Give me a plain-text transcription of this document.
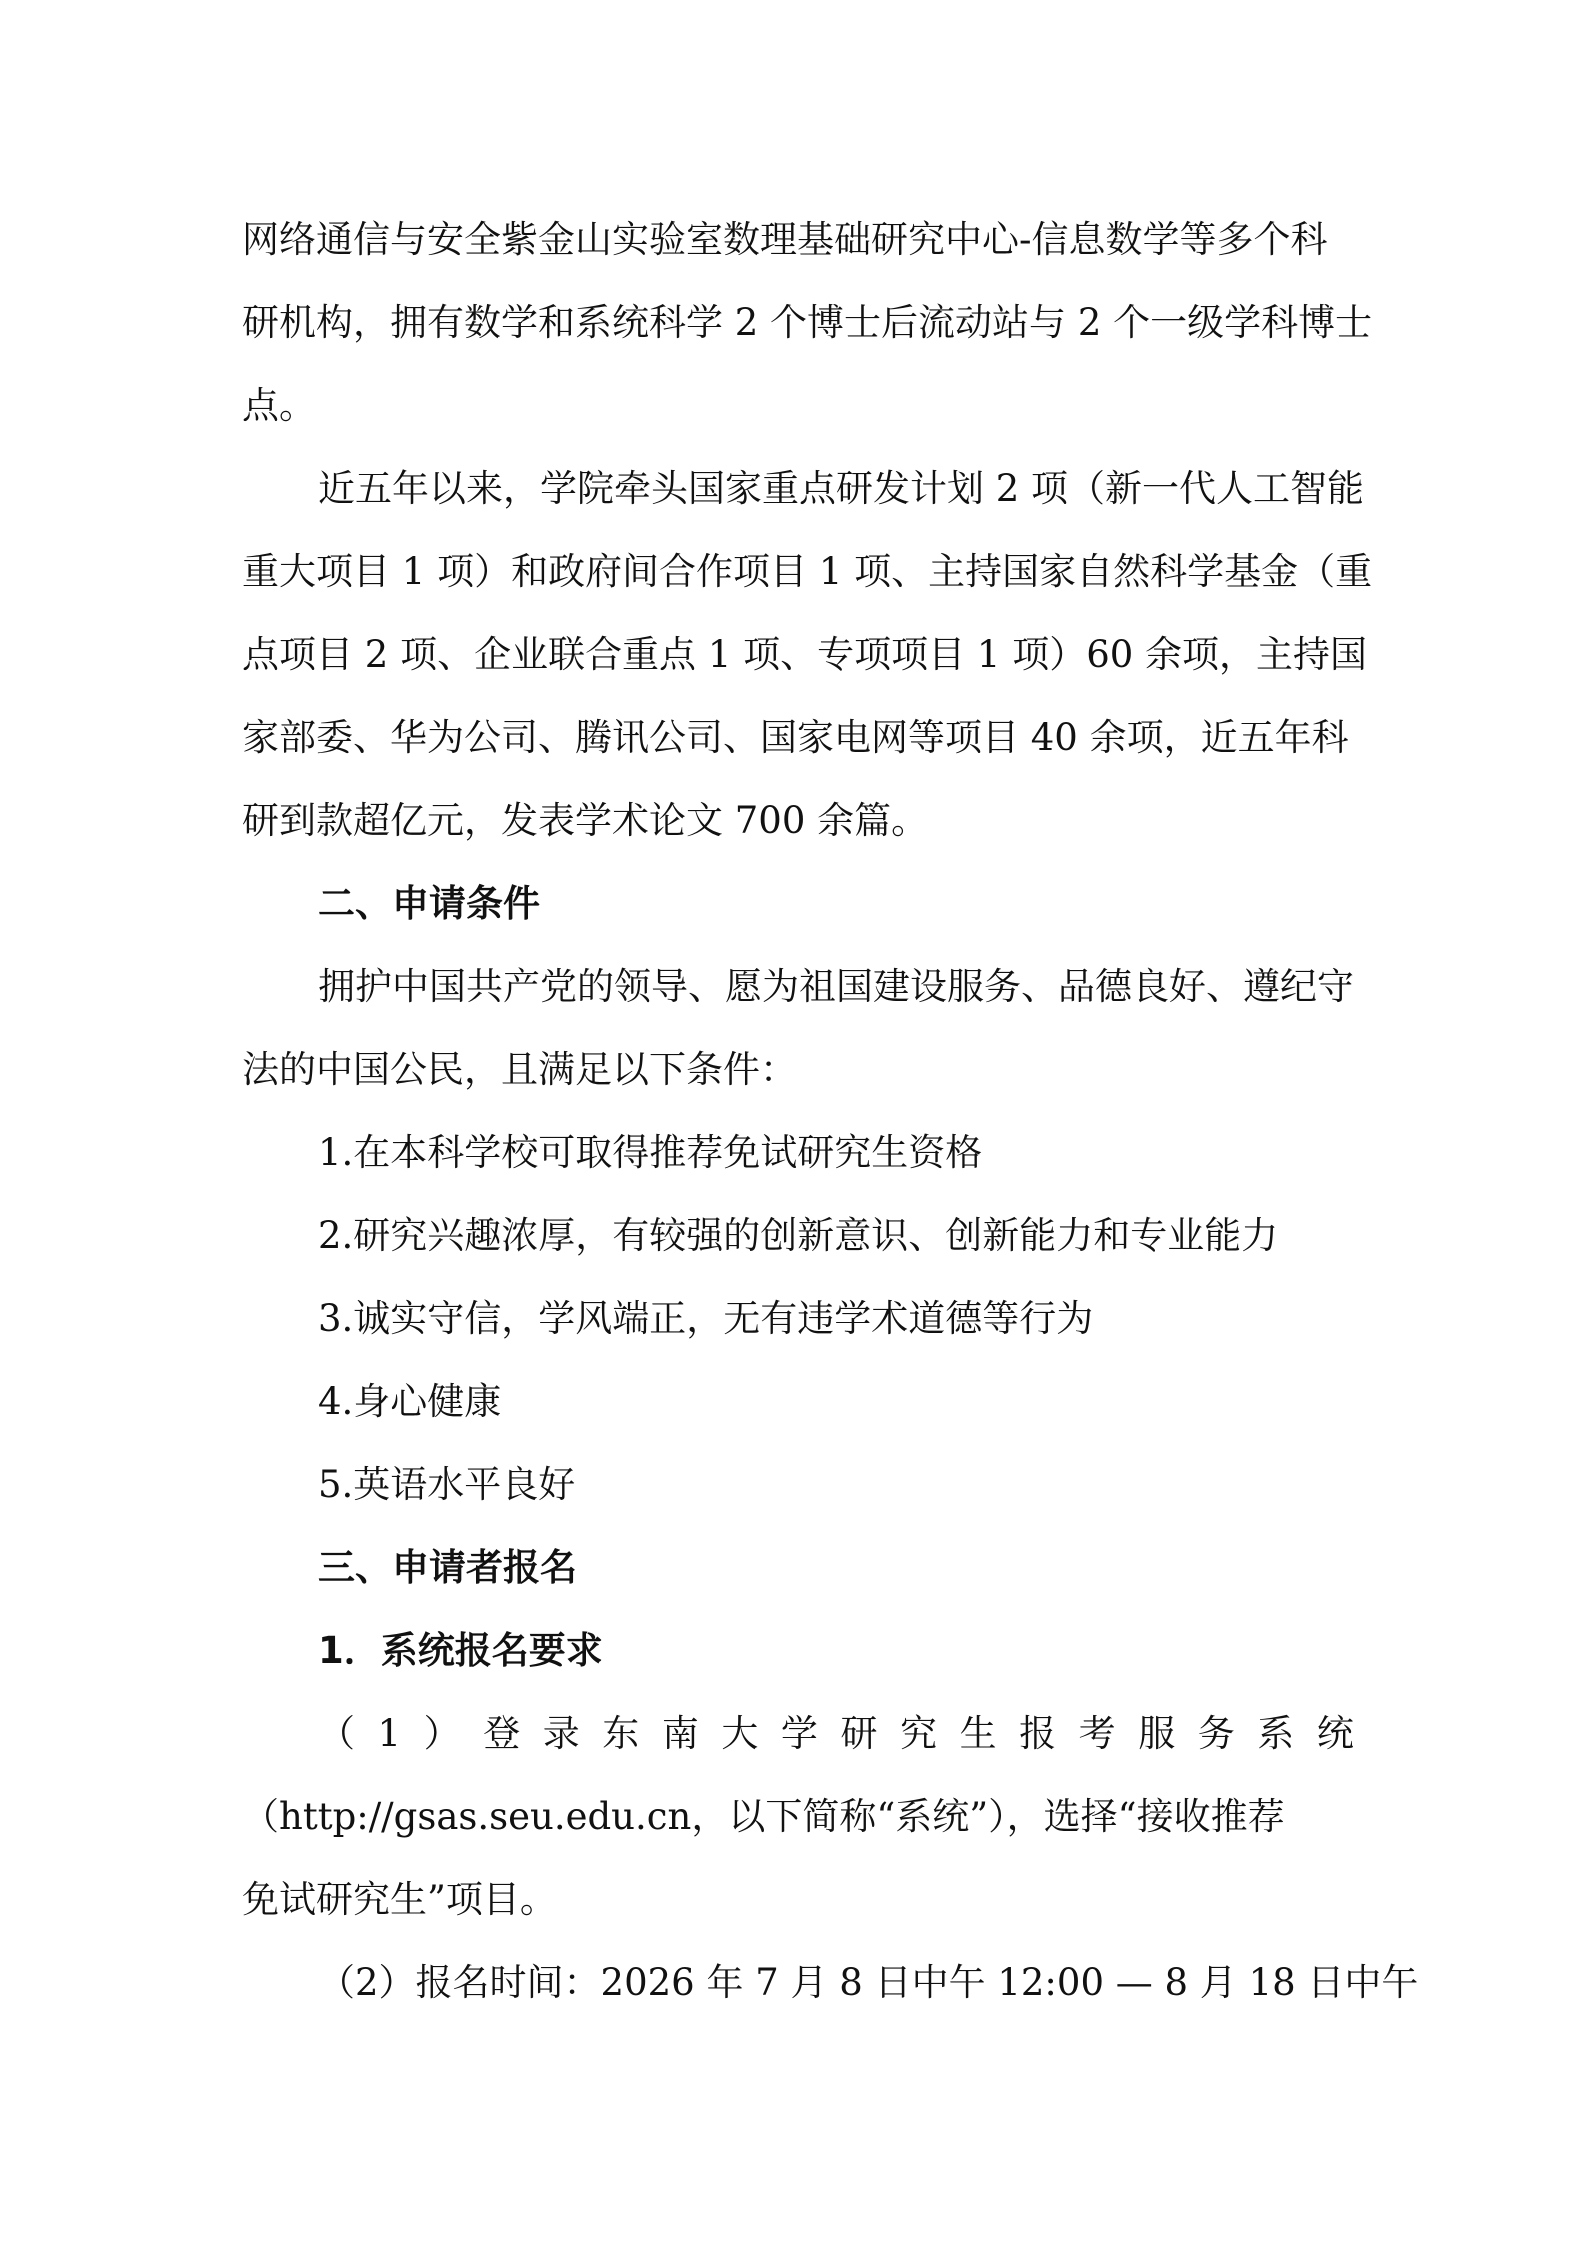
网络通信与安全紫金山实验室数理基础研究中心-信息数学等多个科
研机构，拥有数学和系统科学 2 个博士后流动站与 2 个一级学科博士
点。
近五年以来，学院牵头国家重点研发计划 2 项（新一代人工智能
重大项目 1 项）和政府间合作项目 1 项、主持国家自然科学基金（重
点项目 2 项、企业联合重点 1 项、专项项目 1 项）60 余项，主持国
家部委、华为公司、腾讯公司、国家电网等项目 40 余项，近五年科
研到款超亿元，发表学术论文 700 余篇。
二、申请条件
拥护中国共产党的领导、愿为祖国建设服务、品德良好、遵纪守
法的中国公民，且满足以下条件：
1.在本科学校可取得推荐免试研究生资格
2.研究兴趣浓厚，有较强的创新意识、创新能力和专业能力
3.诚实守信，学风端正，无有违学术道德等行为
4.身心健康
5.英语水平良好
三、申请者报名
1．系统报名要求
（ 1 ） 登 录 东 南 大 学 研 究 生 报 考 服 务 系 统
（http://gsas.seu.edu.cn，以下简称“系统”），选择“接收推荐
免试研究生”项目。
（2）报名时间：2026 年 7 月 8 日中午 12:00 — 8 月 18 日中午
